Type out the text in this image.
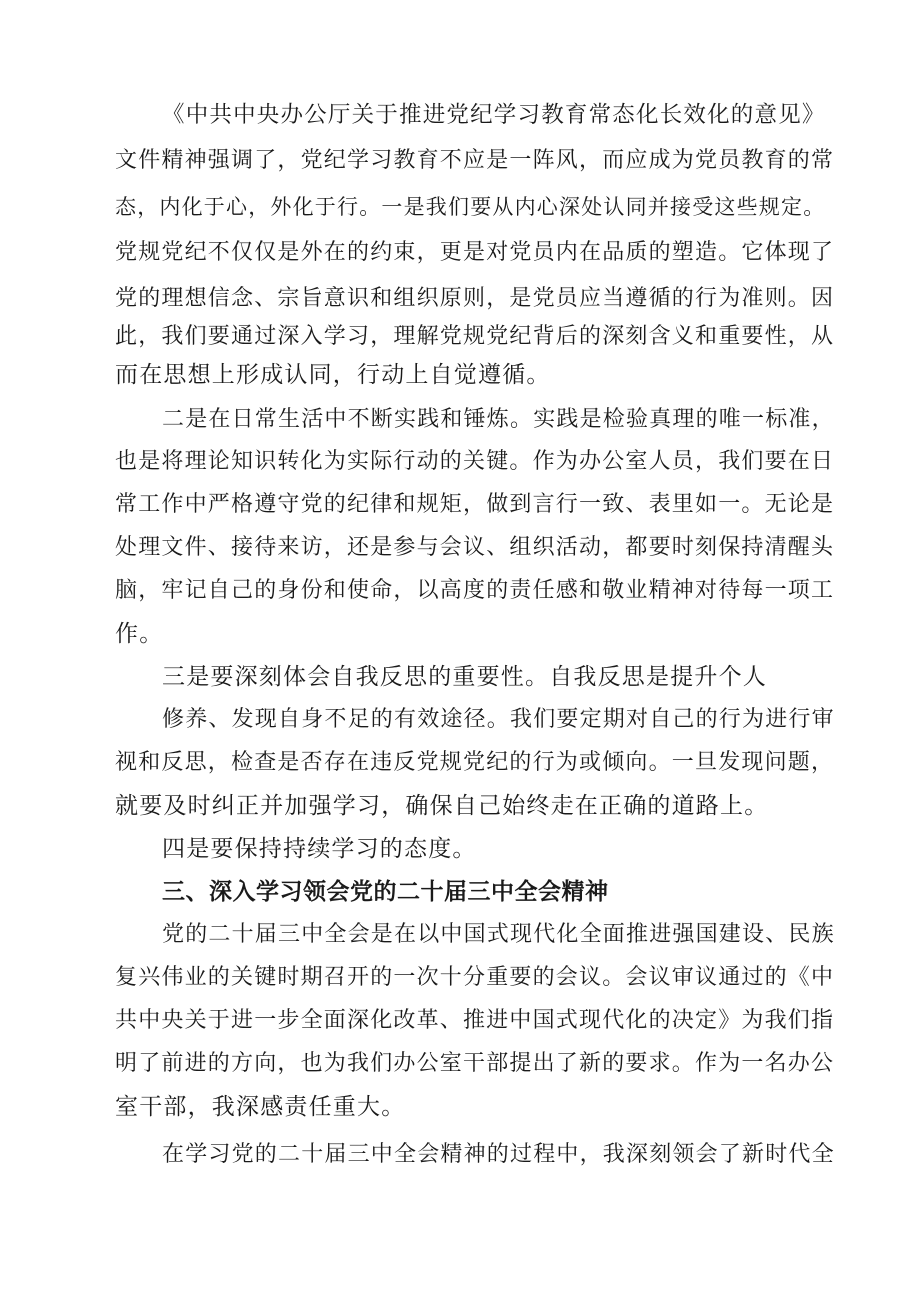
《中共中央办公厅关于推进党纪学习教育常态化长效化的意见》
文件精神强调了，党纪学习教育不应是一阵风，而应成为党员教育的常
态，内化于心，外化于行。一是我们要从内心深处认同并接受这些规定。
党规党纪不仅仅是外在的约束，更是对党员内在品质的塑造。它体现了
党的理想信念、宗旨意识和组织原则，是党员应当遵循的行为准则。因
此，我们要通过深入学习，理解党规党纪背后的深刻含义和重要性，从
而在思想上形成认同，行动上自觉遵循。
二是在日常生活中不断实践和锤炼。实践是检验真理的唯一标准，
也是将理论知识转化为实际行动的关键。作为办公室人员，我们要在日
常工作中严格遵守党的纪律和规矩，做到言行一致、表里如一。无论是
处理文件、接待来访，还是参与会议、组织活动，都要时刻保持清醒头
脑，牢记自己的身份和使命，以高度的责任感和敬业精神对待每一项工
作。
三是要深刻体会自我反思的重要性。自我反思是提升个人
修养、发现自身不足的有效途径。我们要定期对自己的行为进行审
视和反思，检查是否存在违反党规党纪的行为或倾向。一旦发现问题，
就要及时纠正并加强学习，确保自己始终走在正确的道路上。
四是要保持持续学习的态度。
三、深入学习领会党的二十届三中全会精神
党的二十届三中全会是在以中国式现代化全面推进强国建设、民族
复兴伟业的关键时期召开的一次十分重要的会议。会议审议通过的《中
共中央关于进一步全面深化改革、推进中国式现代化的决定》为我们指
明了前进的方向，也为我们办公室干部提出了新的要求。作为一名办公
室干部，我深感责任重大。
在学习党的二十届三中全会精神的过程中，我深刻领会了新时代全
